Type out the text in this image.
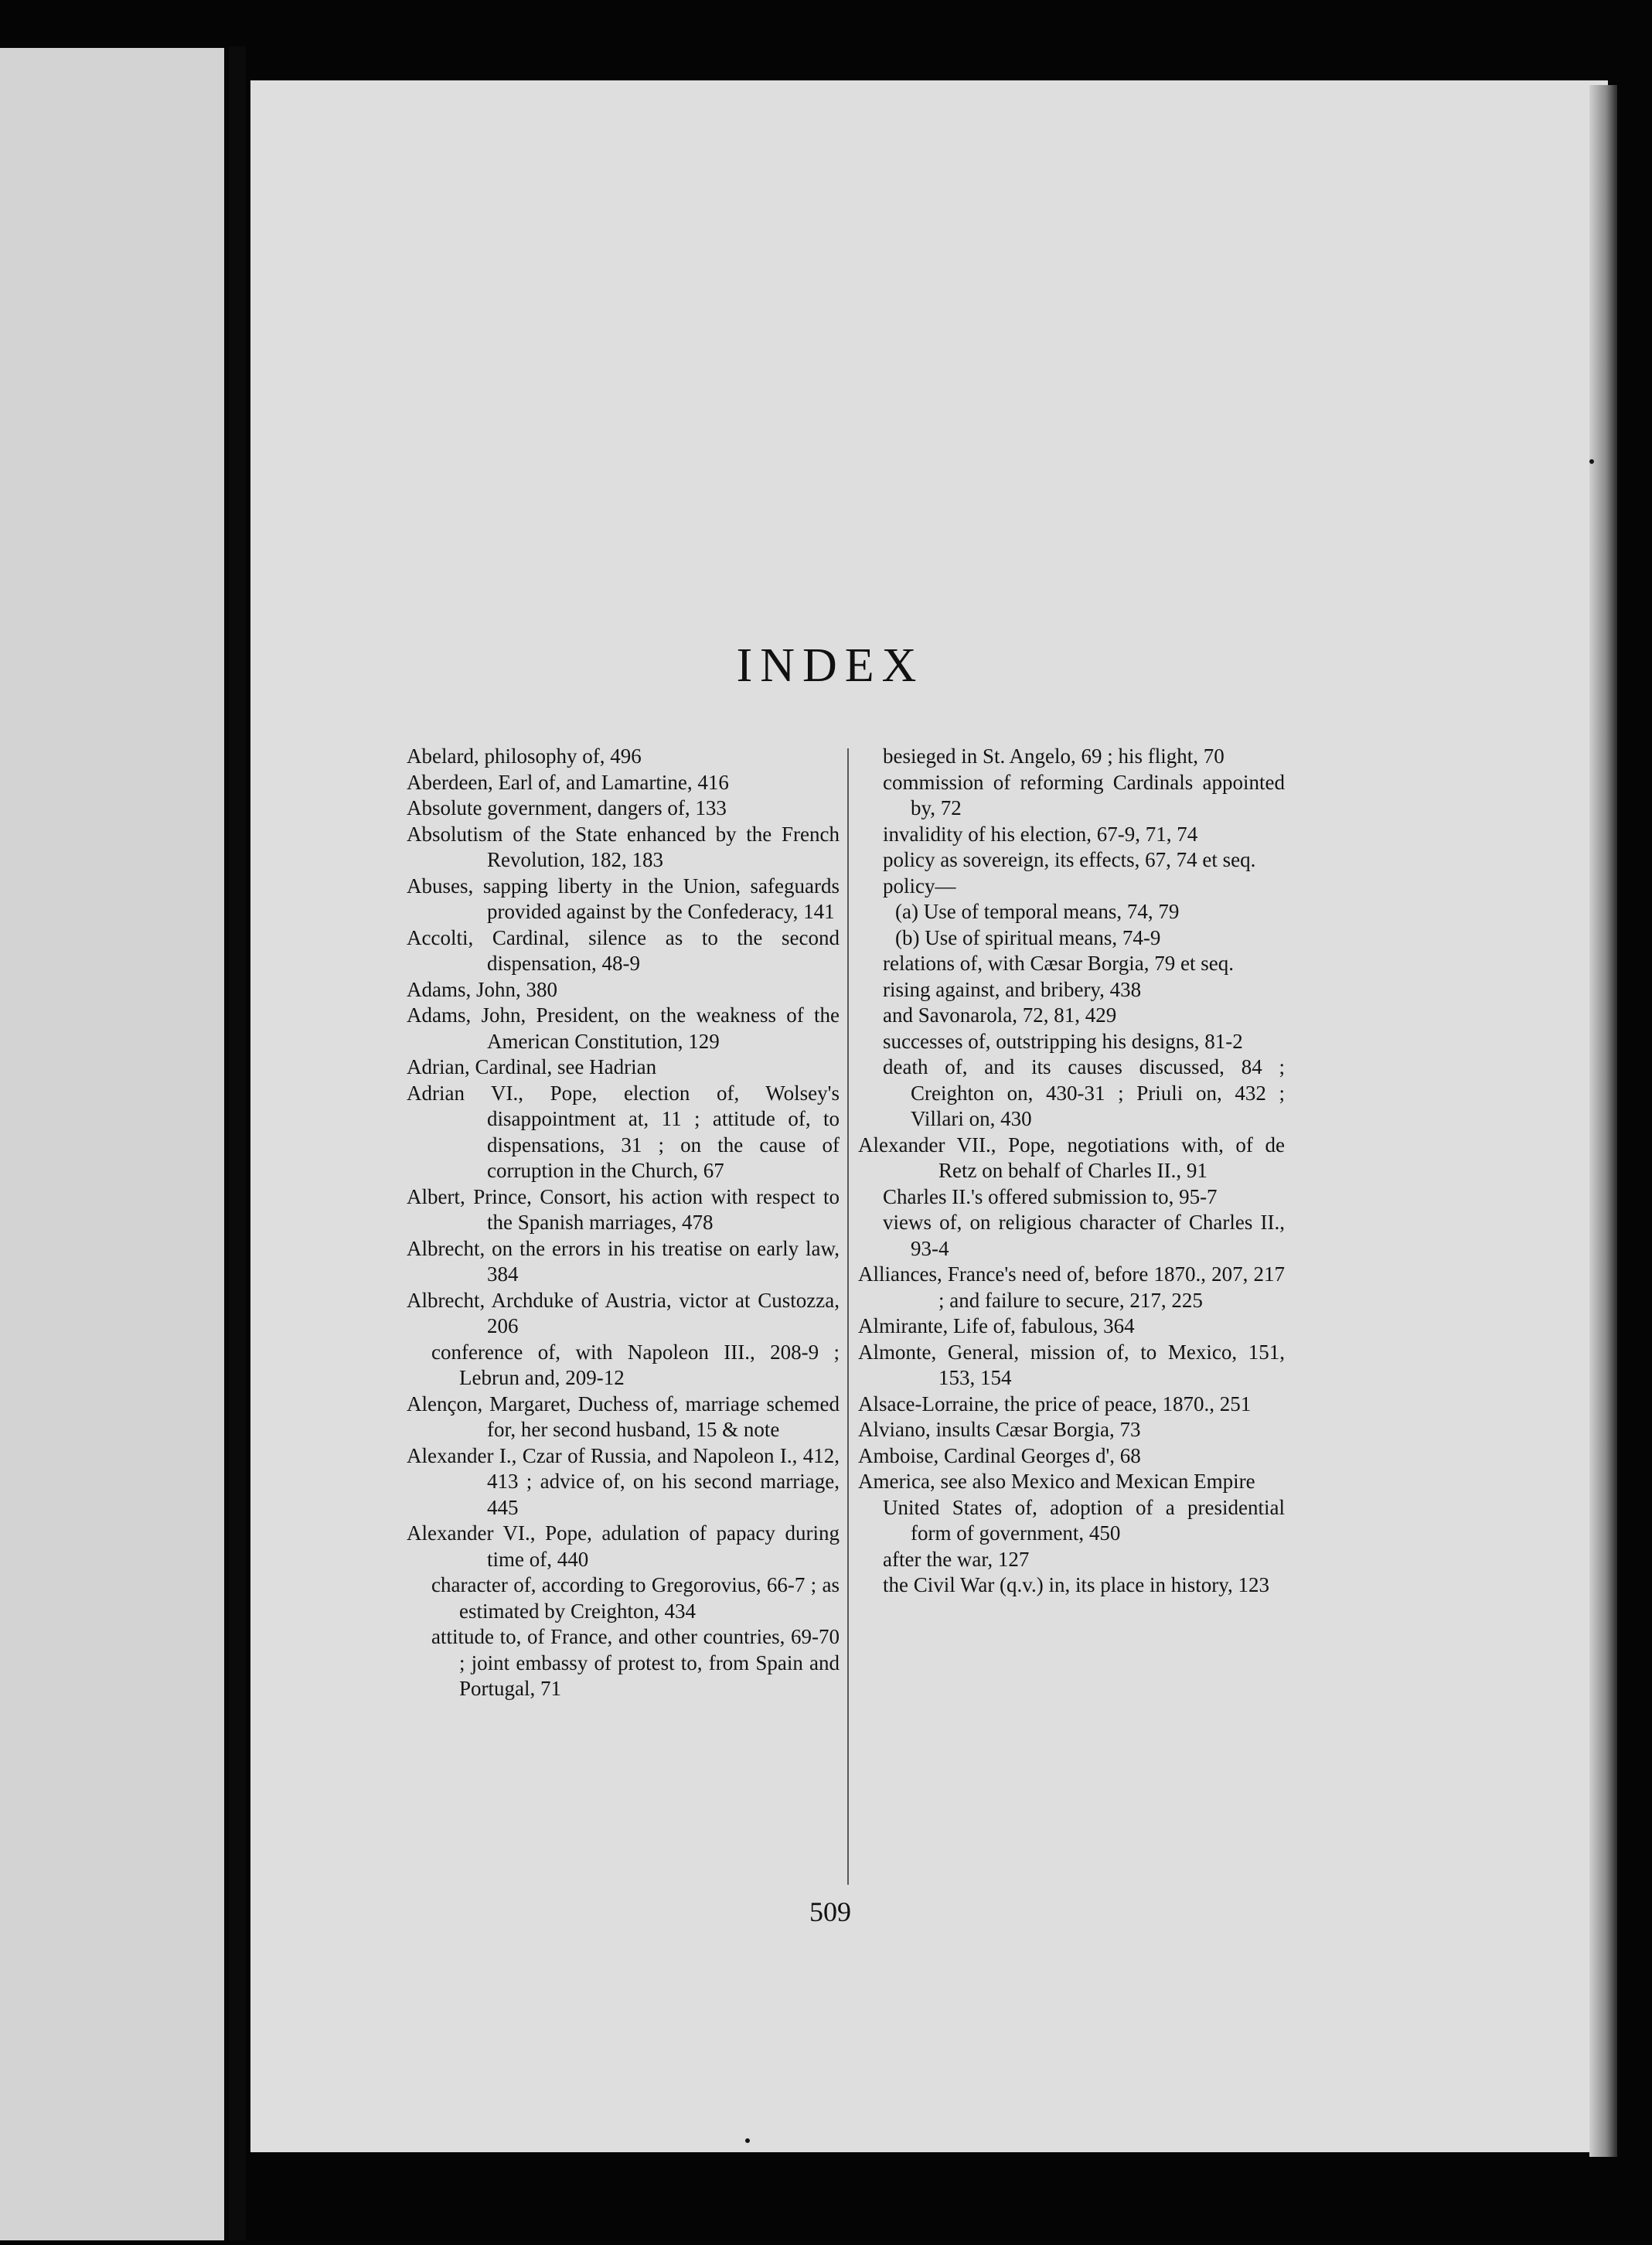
INDEX
Abelard, philosophy of, 496
Aberdeen, Earl of, and Lamartine, 416
Absolute government, dangers of, 133
Absolutism of the State enhanced by the French Revolution, 182, 183
Abuses, sapping liberty in the Union, safeguards provided against by the Confederacy, 141
Accolti, Cardinal, silence as to the second dispensation, 48-9
Adams, John, 380
Adams, John, President, on the weakness of the American Constitution, 129
Adrian, Cardinal, see Hadrian
Adrian VI., Pope, election of, Wolsey's disappointment at, 11 ; attitude of, to dispensations, 31 ; on the cause of corruption in the Church, 67
Albert, Prince, Consort, his action with respect to the Spanish marriages, 478
Albrecht, on the errors in his treatise on early law, 384
Albrecht, Archduke of Austria, victor at Custozza, 206
conference of, with Napoleon III., 208-9 ; Lebrun and, 209-12
Alençon, Margaret, Duchess of, marriage schemed for, her second husband, 15 & note
Alexander I., Czar of Russia, and Napoleon I., 412, 413 ; advice of, on his second marriage, 445
Alexander VI., Pope, adulation of papacy during time of, 440
character of, according to Gregorovius, 66-7 ; as estimated by Creighton, 434
attitude to, of France, and other countries, 69-70 ; joint embassy of protest to, from Spain and Portugal, 71
besieged in St. Angelo, 69 ; his flight, 70
commission of reforming Cardinals appointed by, 72
invalidity of his election, 67-9, 71, 74
policy as sovereign, its effects, 67, 74 et seq.
policy—
(a) Use of temporal means, 74, 79
(b) Use of spiritual means, 74-9
relations of, with Cæsar Borgia, 79 et seq.
rising against, and bribery, 438
and Savonarola, 72, 81, 429
successes of, outstripping his designs, 81-2
death of, and its causes discussed, 84 ; Creighton on, 430-31 ; Priuli on, 432 ; Villari on, 430
Alexander VII., Pope, negotiations with, of de Retz on behalf of Charles II., 91
Charles II.'s offered submission to, 95-7
views of, on religious character of Charles II., 93-4
Alliances, France's need of, before 1870., 207, 217 ; and failure to secure, 217, 225
Almirante, Life of, fabulous, 364
Almonte, General, mission of, to Mexico, 151, 153, 154
Alsace-Lorraine, the price of peace, 1870., 251
Alviano, insults Cæsar Borgia, 73
Amboise, Cardinal Georges d', 68
America, see also Mexico and Mexican Empire
United States of, adoption of a presidential form of government, 450
after the war, 127
the Civil War (q.v.) in, its place in history, 123
509
